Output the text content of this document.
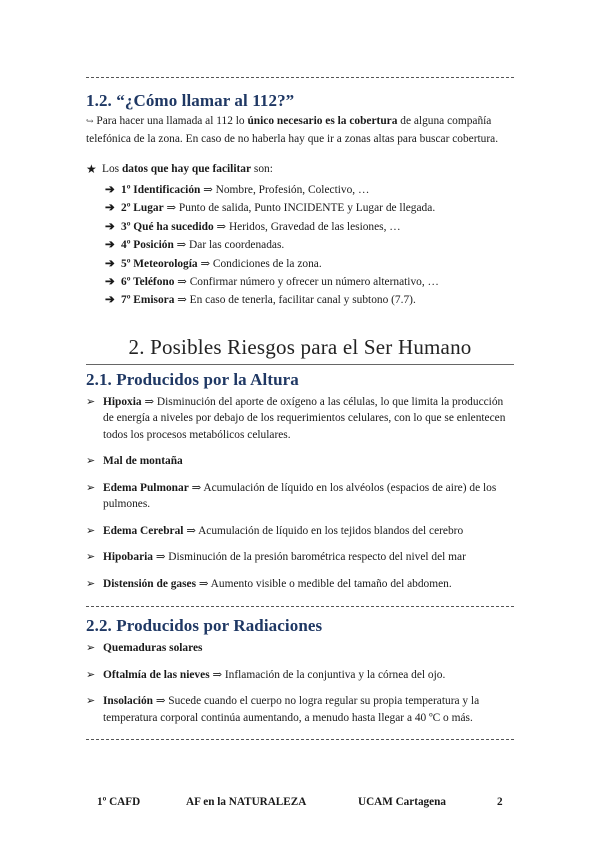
1.2. “¿Cómo llamar al 112?”

↪ Para hacer una llamada al 112 lo único necesario es la cobertura de alguna compañía telefónica de la zona. En caso de no haberla hay que ir a zonas altas para buscar cobertura.

★ Los datos que hay que facilitar son:
➔ 1º Identificación ⇒ Nombre, Profesión, Colectivo, …
➔ 2º Lugar ⇒ Punto de salida, Punto INCIDENTE y Lugar de llegada.
➔ 3º Qué ha sucedido ⇒ Heridos, Gravedad de las lesiones, …
➔ 4º Posición ⇒ Dar las coordenadas.
➔ 5º Meteorología ⇒ Condiciones de la zona.
➔ 6º Teléfono ⇒ Confirmar número y ofrecer un número alternativo, …
➔ 7º Emisora ⇒ En caso de tenerla, facilitar canal y subtono (7.7).
2. Posibles Riesgos para el Ser Humano
2.1. Producidos por la Altura
➢ Hipoxia ⇒ Disminución del aporte de oxígeno a las células, lo que limita la producción de energía a niveles por debajo de los requerimientos celulares, con lo que se enlentecen todos los procesos metabólicos celulares.
➢ Mal de montaña
➢ Edema Pulmonar ⇒ Acumulación de líquido en los alvéolos (espacios de aire) de los pulmones.
➢ Edema Cerebral ⇒ Acumulación de líquido en los tejidos blandos del cerebro
➢ Hipobaria ⇒ Disminución de la presión barométrica respecto del nivel del mar
➢ Distensión de gases ⇒ Aumento visible o medible del tamaño del abdomen.
2.2. Producidos por Radiaciones
➢ Quemaduras solares
➢ Oftalmía de las nieves ⇒ Inflamación de la conjuntiva y la córnea del ojo.
➢ Insolación ⇒ Sucede cuando el cuerpo no logra regular su propia temperatura y la temperatura corporal continúa aumentando, a menudo hasta llegar a 40 ºC o más.
1º CAFD	AF en la NATURALEZA	UCAM Cartagena	2
